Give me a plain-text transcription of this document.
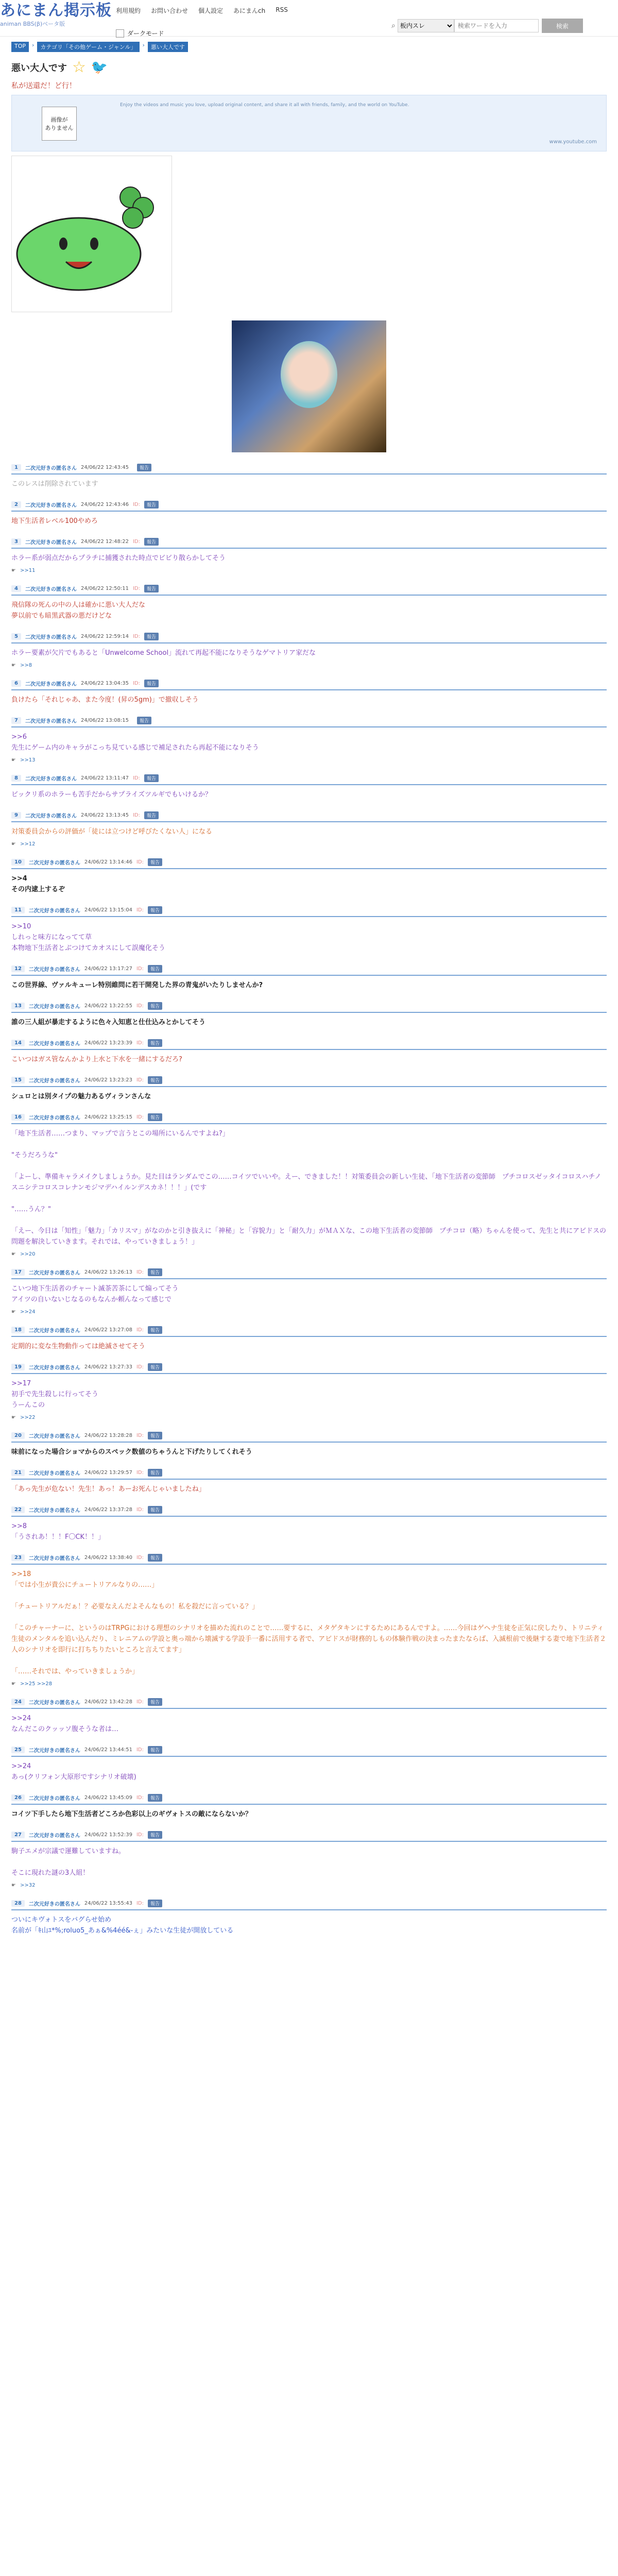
あにまん掲示板
animan BBS(β)ベータ版
利用規約 お問い合わせ 個人設定 あにまんch RSS
ダークモード
⌕
板内スレ
検索ワードを入力	検索
TOP	›	カテゴリ「その他ゲーム・ジャンル」	›	悪い大人です
悪い大人です ☆ 🐦
私が送還だ！ど行！
画像が
ありません
Enjoy the videos and music you love, upload original content, and share it all with friends, family, and the world on YouTube.
www.youtube.com
1	二次元好きの匿名さん 24/06/22 12:43:45	報告
このレスは削除されています
2	二次元好きの匿名さん 24/06/22 12:43:46 ID:	報告
地下生活者レベル100やめろ
3	二次元好きの匿名さん 24/06/22 12:48:22 ID:	報告
ホラー系が弱点だからプラチに捕獲された時点でビビり散らかしてそう
☛ >>11
4	二次元好きの匿名さん 24/06/22 12:50:11 ID:	報告
飛信隊の死んの中の人は確かに悪い大人だな
夢以前でも暗黒武器の悪だけどな
5	二次元好きの匿名さん 24/06/22 12:59:14 ID:	報告
ホラー要素が欠片でもあると「Unwelcome School」流れて再起不能になりそうなゲマトリア家だな
☛ >>8
6	二次元好きの匿名さん 24/06/22 13:04:35 ID:	報告
負けたら「それじゃあ、また今度！(昇の5gm)」で撤収しそう
7	二次元好きの匿名さん 24/06/22 13:08:15	報告
>>6
先生にゲーム内のキャラがこっち見ている感じで補足されたら再起不能になりそう
☛ >>13
8	二次元好きの匿名さん 24/06/22 13:11:47 ID:	報告
ビックリ系のホラーも苦手だからサプライズツルギでもいけるか？
9	二次元好きの匿名さん 24/06/22 13:13:45 ID:	報告
対策委員会からの評価が「徒には立つけど呼びたくない人」になる
☛ >>12
10	二次元好きの匿名さん 24/06/22 13:14:46 ID:	報告
>>4
その内逮上するぞ
11	二次元好きの匿名さん 24/06/22 13:15:04 ID:	報告
>>10
しれっと味方になってて草
本物地下生活者とぶつけてカオスにして誤魔化そう
12	二次元好きの匿名さん 24/06/22 13:17:27 ID:	報告
この世界線、ヴァルキューレ特別維問に若干開発した界の青鬼がいたりしませんか?
13	二次元好きの匿名さん 24/06/22 13:22:55 ID:	報告
誰の三人組が暴走するように色々入知恵と仕仕込みとかしてそう
14	二次元好きの匿名さん 24/06/22 13:23:39 ID:	報告
こいつはガス管なんかより上水と下水を一緒にするだろ?
15	二次元好きの匿名さん 24/06/22 13:23:23 ID:	報告
シュロとは別タイプの魅力あるヴィランさんな
16	二次元好きの匿名さん 24/06/22 13:25:15 ID:	報告
「地下生活者……つまり、マップで言うとこの場所にいるんですよね?」

"そうだろうな"

「よーし、準備キャラメイクしましょうか。見た目はランダムでこの……コイツでいいや。えー、できました！！対策委員会の新しい生徒、「地下生活者の変節師　プチコロスゼッタイコロスハチノスニシテコロスコレナンモジマデハイルンデスカネ！！！」(です

"……うん？"

「えー、今日は「知性」「魅力」「カリスマ」がなのかと引き抜えに「神秘」と「容貌力」と「耐久力」がＭＡＸな、この地下生活者の変節師　プチコロ（略）ちゃんを使って、先生と共にアビドスの問題を解決していきます。それでは、やっていきましょう！」
☛ >>20
17	二次元好きの匿名さん 24/06/22 13:26:13 ID:	報告
こいつ地下生活者のチャート滅茶苦茶にして煽ってそう
アイツの自いないじなるのもなんか頼んなって感じで
☛ >>24
18	二次元好きの匿名さん 24/06/22 13:27:08 ID:	報告
定期的に変な生物動作っては絶滅させてそう
19	二次元好きの匿名さん 24/06/22 13:27:33 ID:	報告
>>17
初手で先生殺しに行ってそう
うーんこの
☛ >>22
20	二次元好きの匿名さん 24/06/22 13:28:28 ID:	報告
味前になった場合ショマからのスペック数値のちゃうんと下げたりしてくれそう
21	二次元好きの匿名さん 24/06/22 13:29:57 ID:	報告
「あっ先生が危ない！先生！あっ！あーお死んじゃいましたね」
22	二次元好きの匿名さん 24/06/22 13:37:28 ID:	報告
>>8
「うされあ！！！F〇CK！！」
23	二次元好きの匿名さん 24/06/22 13:38:40 ID:	報告
>>18
「では小生が貴公にチュートリアルなりの……」

「チュートリアルだぁ！？必要なえんだよそんなもの！私を殺だに言っている？」

「このチャーナーに、というのはTRPGにおける理想のシナリオを描めた流れのことで……要するに、メタゲタキンにするためにあるんですよ。……今回はゲヘナ生徒を正気に戻したり、トリニティ生徒のメンタルを追い込んだり、ミレニアムの学設と奥っ端から壊滅する学設手一番に活用する者で、アビドスが財務的しもの体験作戦の決まったまたならば、入滅根前で後継する妻で地下生活者２人のシナリオを即行に打ちちりたいところと言えてます」

「……それでは、やっていきましょうか」
☛ >>25 >>28
24	二次元好きの匿名さん 24/06/22 13:42:28 ID:	報告
>>24
なんだこのクッッソ腹そうな者は…
25	二次元好きの匿名さん 24/06/22 13:44:51 ID:	報告
>>24
あっ(クリフォン大原形ですシナリオ破壊)
26	二次元好きの匿名さん 24/06/22 13:45:09 ID:	報告
コイツ下手したら地下生活者どころか色彩以上のギヴォトスの敵にならないか？
27	二次元好きの匿名さん 24/06/22 13:52:39 ID:	報告
駒子エメが宗議で運難していますね。

そこに現れた謎の3人組！
☛ >>32
28	二次元好きの匿名さん 24/06/22 13:55:43 ID:	報告
ついにキヴォトスをバグらせ始め
名前が「ｷ山ﾕ*%;roluo5_あぁ&%4éé&-ぇ」みたいな生徒が開放している
